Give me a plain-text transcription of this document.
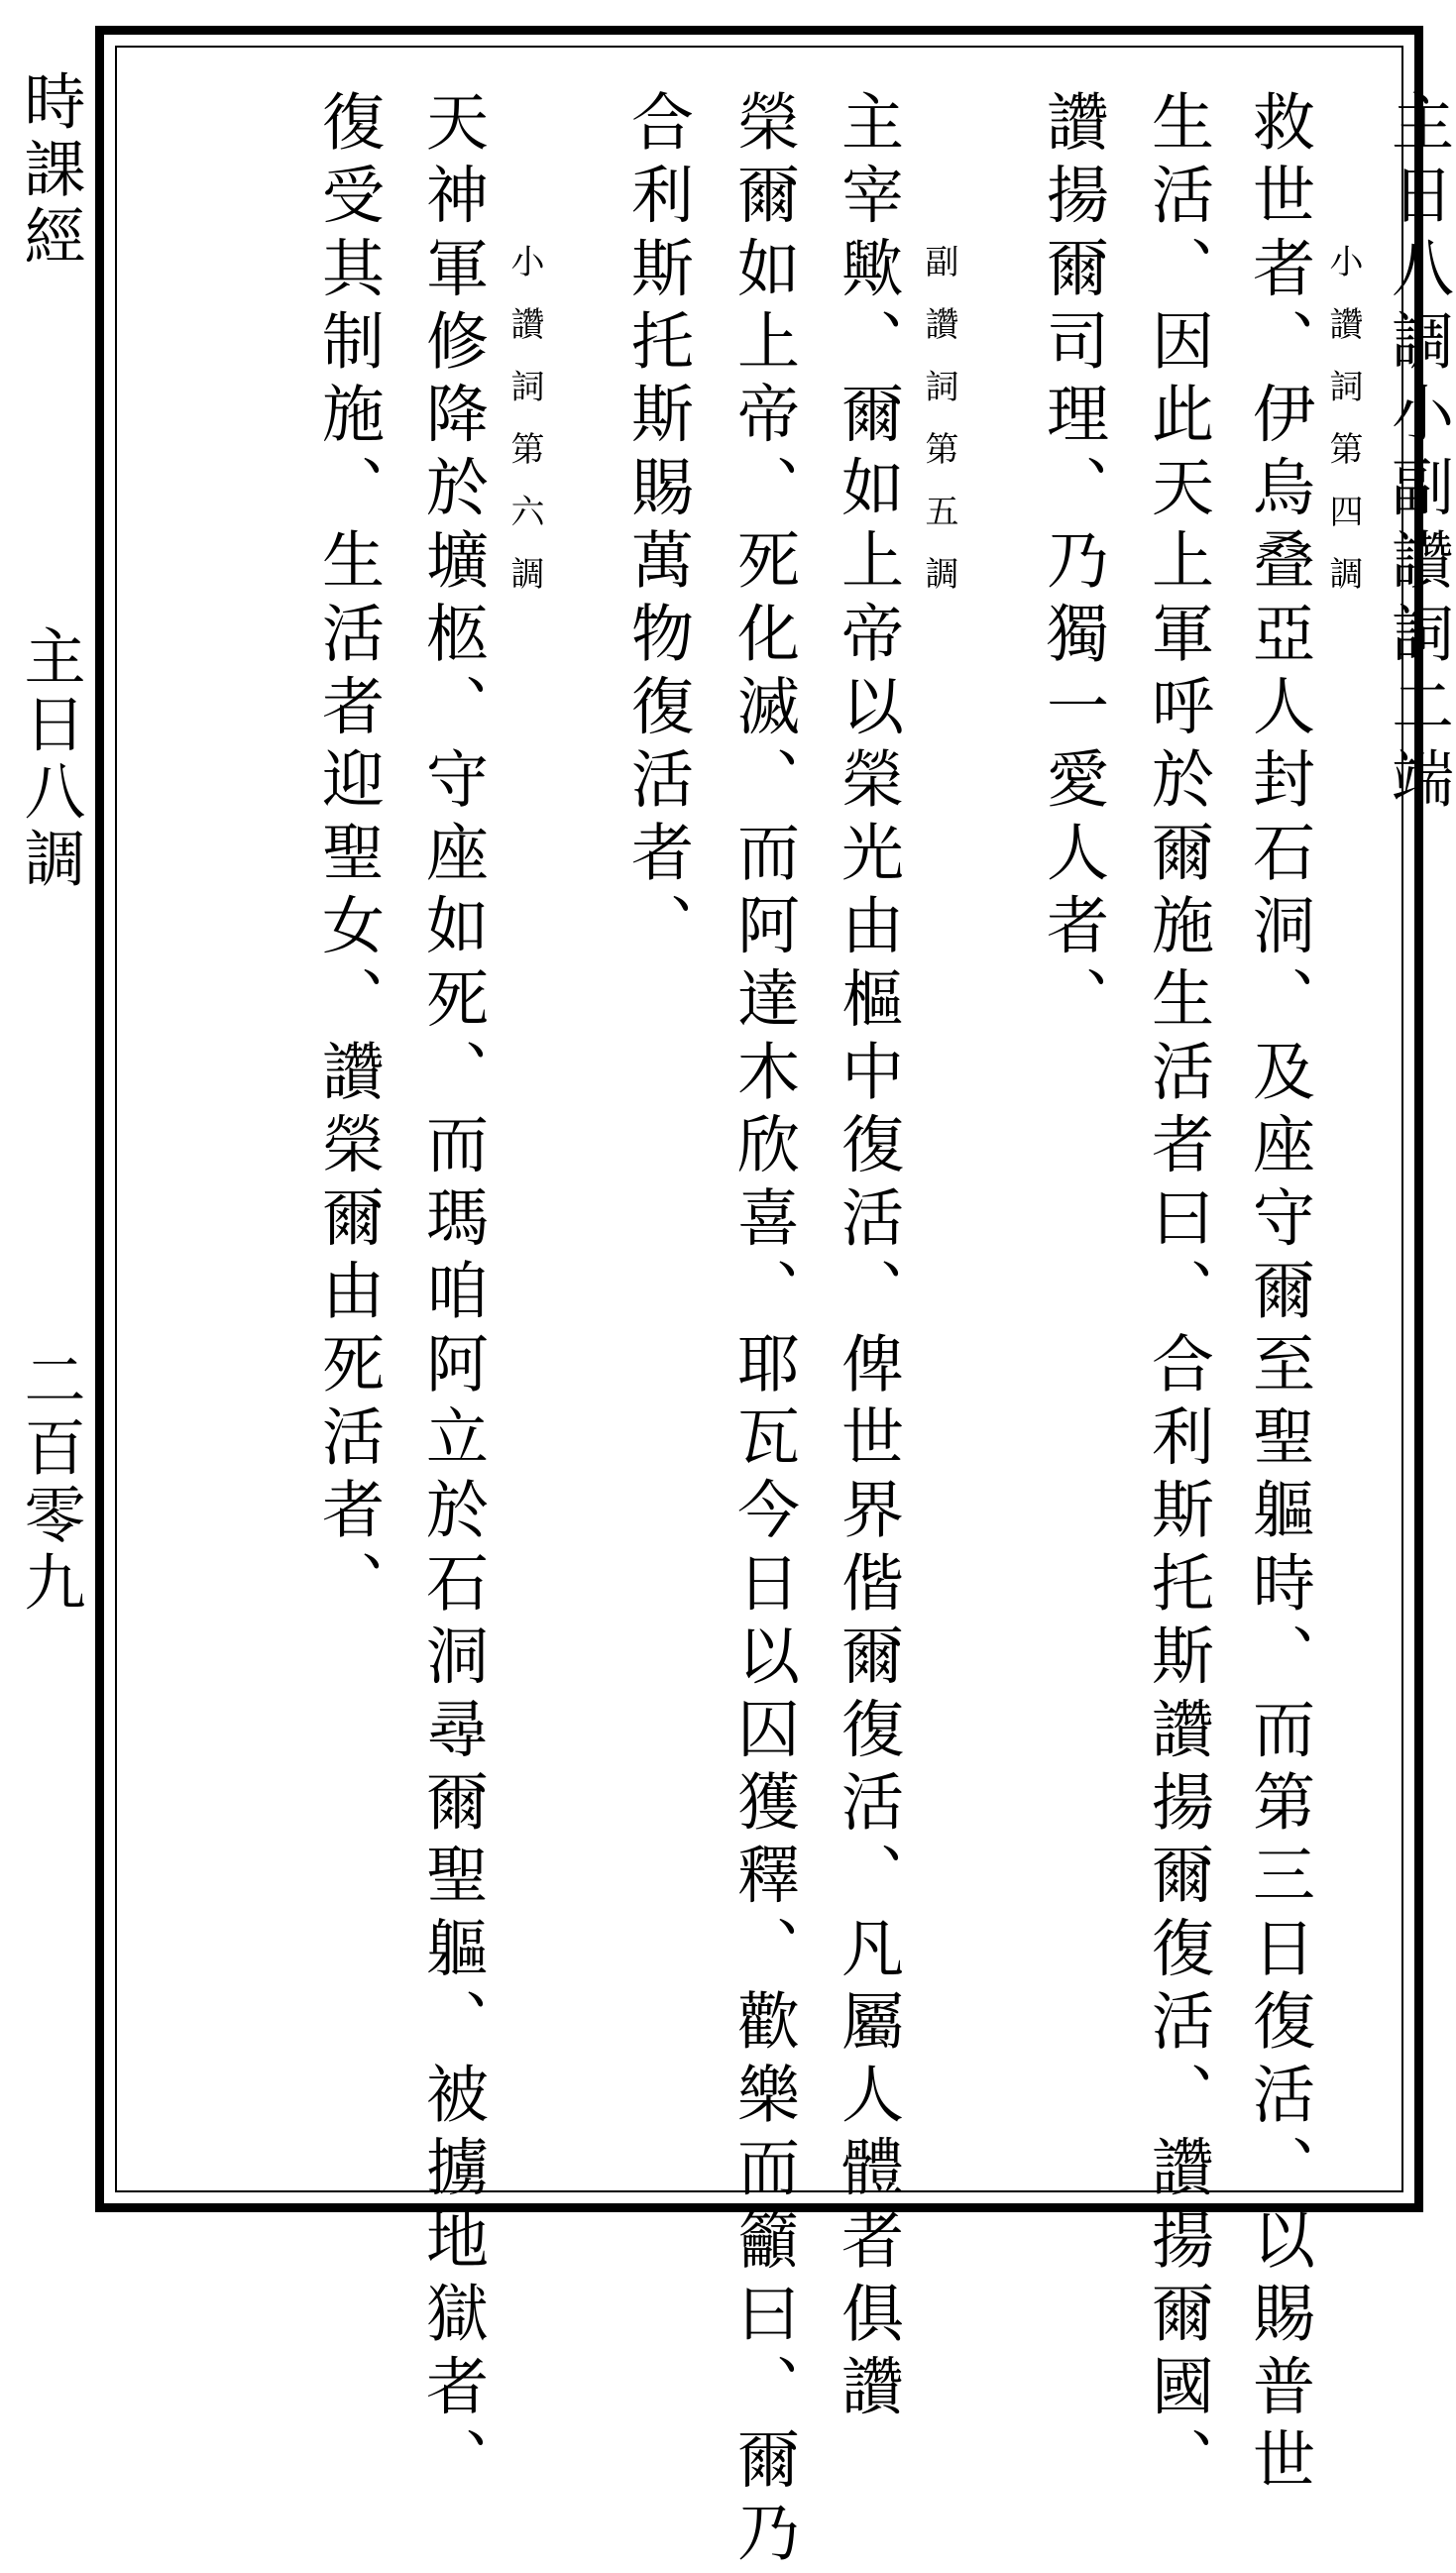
時課經
主日八調
二百零九
主日八調小副讚詞二端
小讚詞第四調
救世者、伊烏叠亞人封石洞、及座守爾至聖軀時、而第三日復活、以賜普世
生活、因此天上軍呼於爾施生活者曰、合利斯托斯讚揚爾復活、讚揚爾國、
讚揚爾司理、乃獨一愛人者、
副讚詞第五調
主宰歟、爾如上帝以榮光由樞中復活、俾世界偕爾復活、凡屬人體者俱讚
榮爾如上帝、死化滅、而阿達木欣喜、耶瓦今日以囚獲釋、歡樂而籲曰、爾乃
合利斯托斯賜萬物復活者、
小讚詞第六調
天神軍修降於壙柩、守座如死、而瑪咱阿立於石洞尋爾聖軀、被擄地獄者、
復受其制施、生活者迎聖女、讚榮爾由死活者、
